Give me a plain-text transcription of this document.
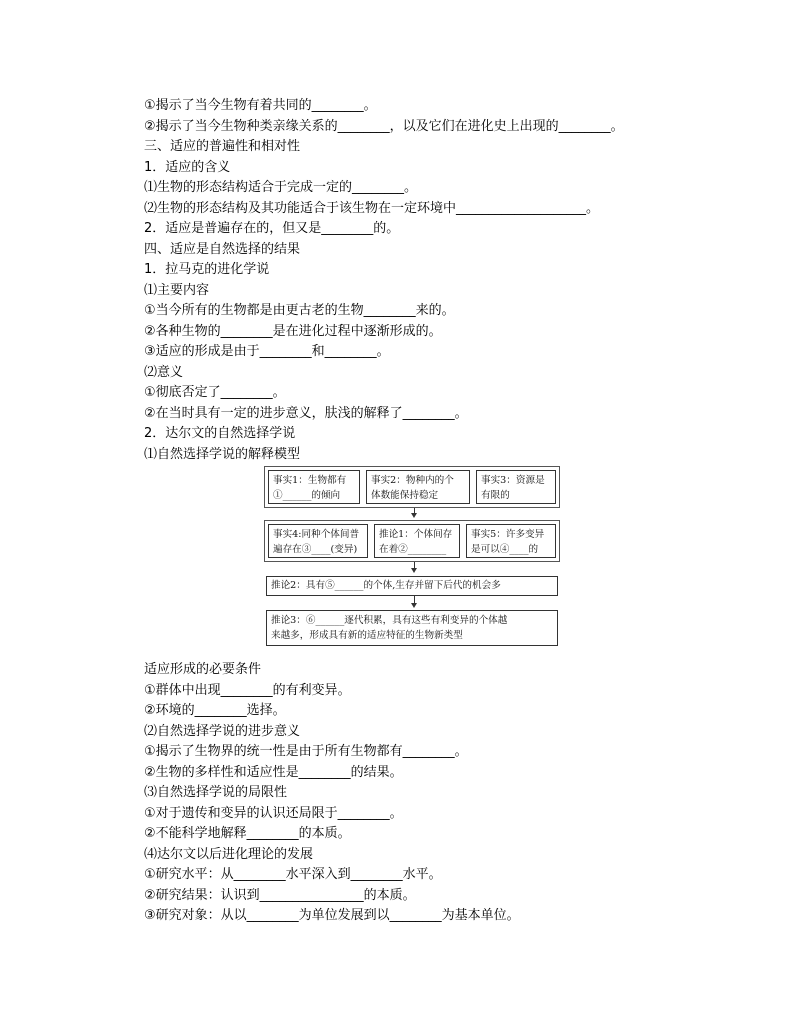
①揭示了当今生物有着共同的________。
②揭示了当今生物种类亲缘关系的________，以及它们在进化史上出现的________。
三、适应的普遍性和相对性
1．适应的含义
⑴生物的形态结构适合于完成一定的________。
⑵生物的形态结构及其功能适合于该生物在一定环境中____________________。
2．适应是普遍存在的，但又是________的。
四、适应是自然选择的结果
1．拉马克的进化学说
⑴主要内容
①当今所有的生物都是由更古老的生物________来的。
②各种生物的________是在进化过程中逐渐形成的。
③适应的形成是由于________和________。
⑵意义
①彻底否定了________。
②在当时具有一定的进步意义，肤浅的解释了________。
2．达尔文的自然选择学说
⑴自然选择学说的解释模型
事实1：生物都有
①______的倾向
事实2：物种内的个
体数能保持稳定
事实3：资源是
有限的
事实4:同种个体间普
遍存在③____(变异)
推论1：个体间存
在着②________
事实5：许多变异
是可以④____的
推论2：具有⑤______的个体,生存并留下后代的机会多
推论3：⑥______逐代积累，具有这些有利变异的个体越
来越多，形成具有新的适应特征的生物新类型
适应形成的必要条件
①群体中出现________的有利变异。
②环境的________选择。
⑵自然选择学说的进步意义
①揭示了生物界的统一性是由于所有生物都有________。
②生物的多样性和适应性是________的结果。
⑶自然选择学说的局限性
①对于遗传和变异的认识还局限于________。
②不能科学地解释________的本质。
⑷达尔文以后进化理论的发展
①研究水平：从________水平深入到________水平。
②研究结果：认识到________________的本质。
③研究对象：从以________为单位发展到以________为基本单位。
